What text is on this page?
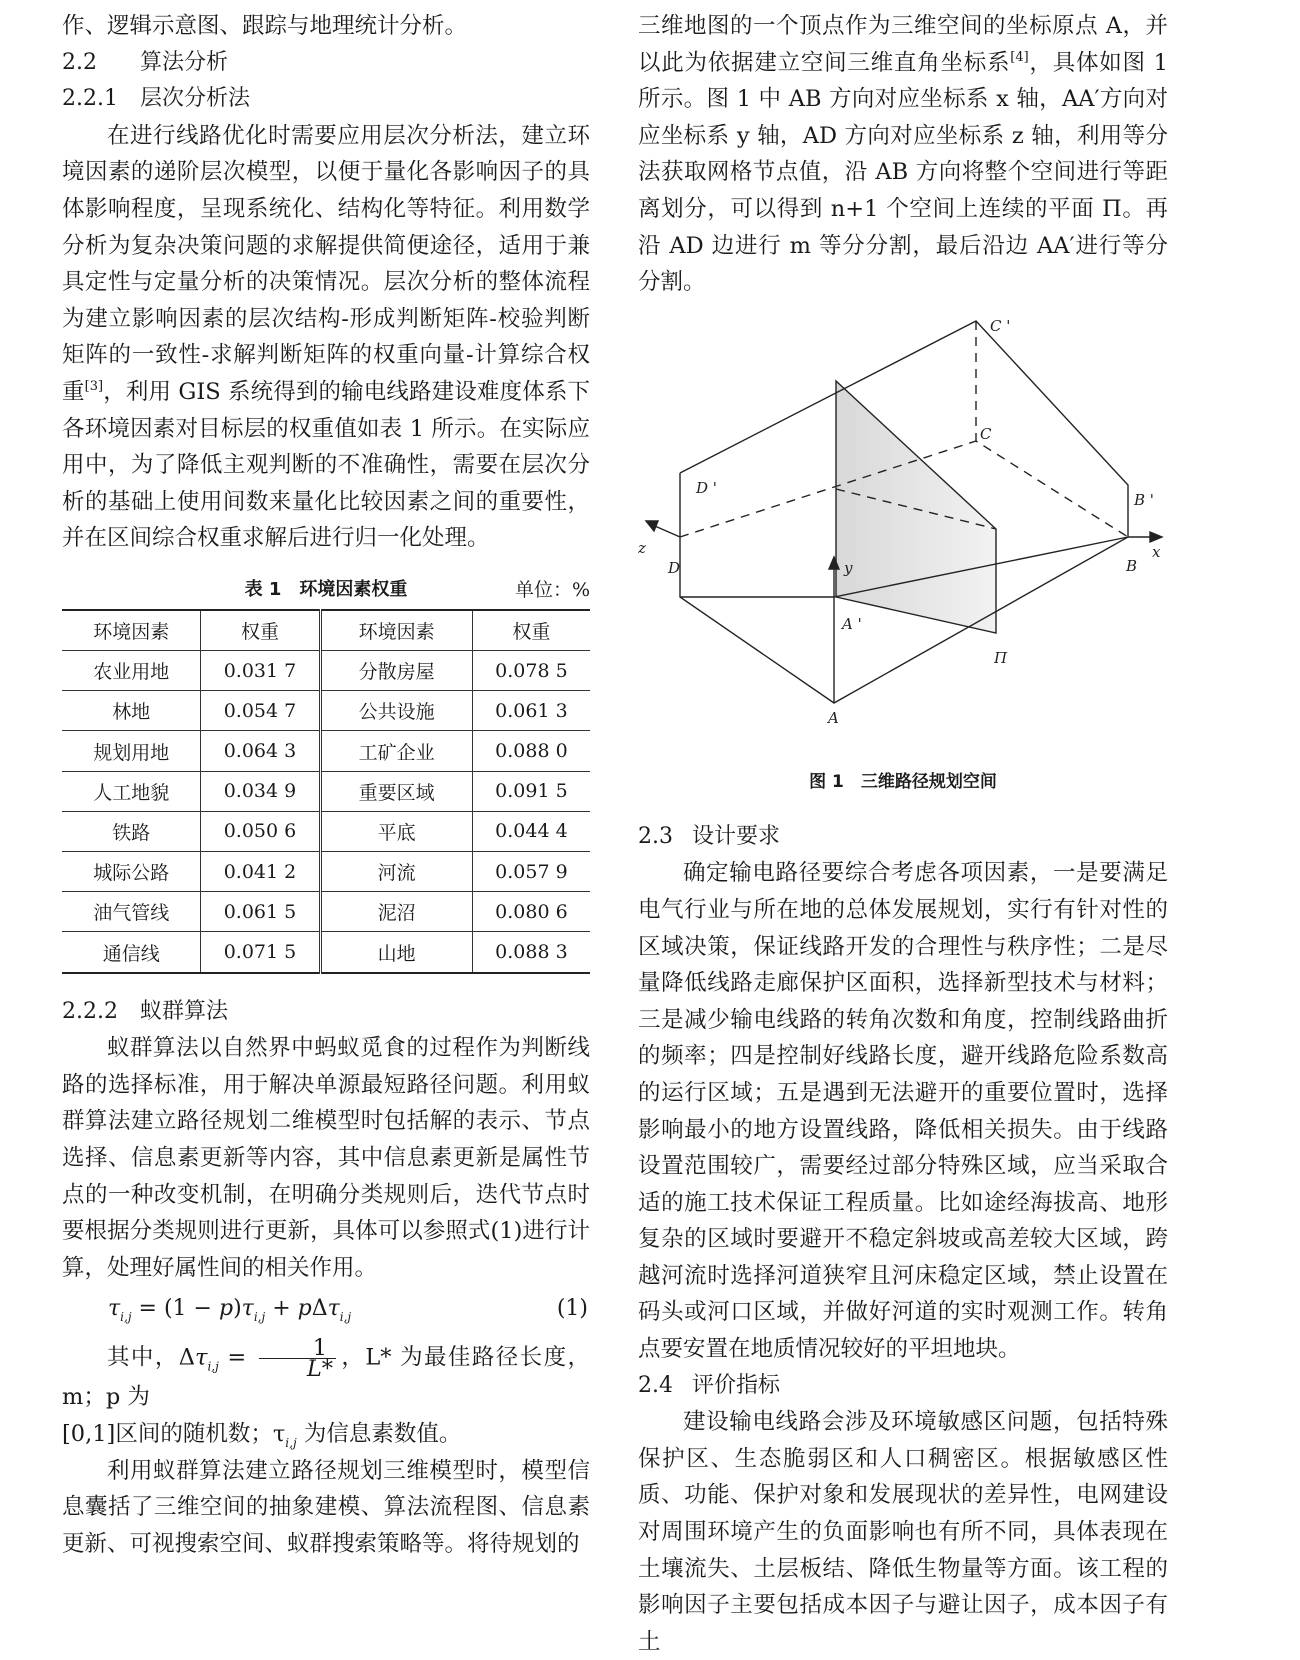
作、逻辑示意图、跟踪与地理统计分析。

2.2 算法分析
2.2.1 层次分析法

在进行线路优化时需要应用层次分析法，建立环境因素的递阶层次模型，以便于量化各影响因子的具体影响程度，呈现系统化、结构化等特征。利用数学分析为复杂决策问题的求解提供简便途径，适用于兼具定性与定量分析的决策情况。层次分析的整体流程为建立影响因素的层次结构-形成判断矩阵-校验判断矩阵的一致性-求解判断矩阵的权重向量-计算综合权重[3]，利用 GIS 系统得到的输电线路建设难度体系下各环境因素对目标层的权重值如表 1 所示。在实际应用中，为了降低主观判断的不准确性，需要在层次分析的基础上使用间数来量化比较因素之间的重要性，并在区间综合权重求解后进行归一化处理。

表 1　环境因素权重	单位：%
环境因素	权重	环境因素	权重
农业用地	0.031 7	分散房屋	0.078 5
林地	0.054 7	公共设施	0.061 3
规划用地	0.064 3	工矿企业	0.088 0
人工地貌	0.034 9	重要区域	0.091 5
铁路	0.050 6	平底	0.044 4
城际公路	0.041 2	河流	0.057 9
油气管线	0.061 5	泥沼	0.080 6
通信线	0.071 5	山地	0.088 3
2.2.2 蚁群算法

蚁群算法以自然界中蚂蚁觅食的过程作为判断线路的选择标准，用于解决单源最短路径问题。利用蚁群算法建立路径规划二维模型时包括解的表示、节点选择、信息素更新等内容，其中信息素更新是属性节点的一种改变机制，在明确分类规则后，迭代节点时要根据分类规则进行更新，具体可以参照式(1)进行计算，处理好属性间的相关作用。

$\tau_{i,j} = (1 - p)\tau_{i,j} + p\Delta\tau_{i,j}$	(1)

其中，$\Delta\tau_{i,j} = \frac{1}{L*}$ ，L* 为最佳路径长度，m；p 为

[0,1]区间的随机数；$\tau_{i,j}$ 为信息素数值。

利用蚁群算法建立路径规划三维模型时，模型信息囊括了三维空间的抽象建模、算法流程图、信息素更新、可视搜索空间、蚁群搜索策略等。将待规划的

三维地图的一个顶点作为三维空间的坐标原点 A，并以此为依据建立空间三维直角坐标系[4]，具体如图 1 所示。图 1 中 AB 方向对应坐标系 x 轴，AA′方向对应坐标系 y 轴，AD 方向对应坐标系 z 轴，利用等分法获取网格节点值，沿 AB 方向将整个空间进行等距离划分，可以得到 n+1 个空间上连续的平面 Π。再沿 AD 边进行 m 等分分割，最后沿边 AA′进行等分分割。

C '
C
D '
B '
z	x
D	B
y
A '
Π
A
图 1　三维路径规划空间
2.3 设计要求

确定输电路径要综合考虑各项因素，一是要满足电气行业与所在地的总体发展规划，实行有针对性的区域决策，保证线路开发的合理性与秩序性；二是尽量降低线路走廊保护区面积，选择新型技术与材料；三是减少输电线路的转角次数和角度，控制线路曲折的频率；四是控制好线路长度，避开线路危险系数高的运行区域；五是遇到无法避开的重要位置时，选择影响最小的地方设置线路，降低相关损失。由于线路设置范围较广，需要经过部分特殊区域，应当采取合适的施工技术保证工程质量。比如途经海拔高、地形复杂的区域时要避开不稳定斜坡或高差较大区域，跨越河流时选择河道狭窄且河床稳定区域，禁止设置在码头或河口区域，并做好河道的实时观测工作。转角点要安置在地质情况较好的平坦地块。

2.4 评价指标

建设输电线路会涉及环境敏感区问题，包括特殊保护区、生态脆弱区和人口稠密区。根据敏感区性质、功能、保护对象和发展现状的差异性，电网建设对周围环境产生的负面影响也有所不同，具体表现在土壤流失、土层板结、降低生物量等方面。该工程的影响因子主要包括成本因子与避让因子，成本因子有土
